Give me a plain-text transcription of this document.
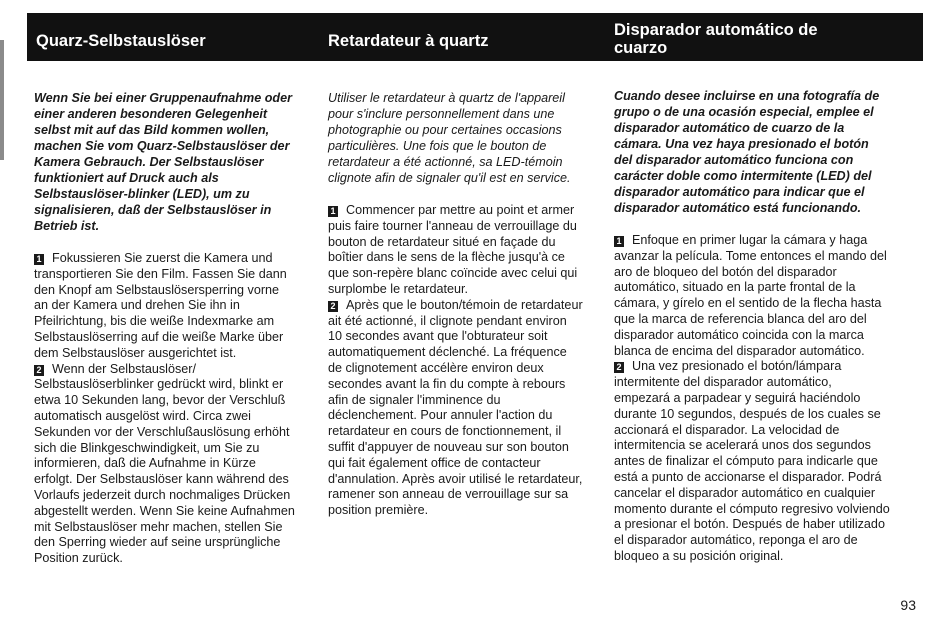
Quarz-Selbstauslöser	Retardateur à quartz
Disparador automático de cuarzo

Wenn Sie bei einer Gruppenaufnahme oder einer anderen besonderen Gelegenheit selbst mit auf das Bild kommen wollen, machen Sie vom Quarz-Selbstauslöser der Kamera Gebrauch. Der Selbstauslöser funktioniert auf Druck auch als Selbstauslöser-blinker (LED), um zu signalisieren, daß der Selbstauslöser in Betrieb ist.

1 Fokussieren Sie zuerst die Kamera und transportieren Sie den Film. Fassen Sie dann den Knopf am Selbstauslösersperring vorne an der Kamera und drehen Sie ihn in Pfeilrichtung, bis die weiße Indexmarke am Selbstauslöserring auf die weiße Marke über dem Selbstauslöser ausgerichtet ist.

2 Wenn der Selbstauslöser/ Selbstauslöserblinker gedrückt wird, blinkt er etwa 10 Sekunden lang, bevor der Verschluß automatisch ausgelöst wird. Circa zwei Sekunden vor der Verschlußauslösung erhöht sich die Blinkgeschwindigkeit, um Sie zu informieren, daß die Aufnahme in Kürze erfolgt. Der Selbstauslöser kann während des Vorlaufs jederzeit durch nochmaliges Drücken abgestellt werden. Wenn Sie keine Aufnahmen mit Selbstauslöser mehr machen, stellen Sie den Sperring wieder auf seine ursprüngliche Position zurück.

Utiliser le retardateur à quartz de l'appareil pour s'inclure personnellement dans une photographie ou pour certaines occasions particulières. Une fois que le bouton de retardateur a été actionné, sa LED-témoin clignote afin de signaler qu'il est en service.

1 Commencer par mettre au point et armer puis faire tourner l'anneau de verrouillage du bouton de retardateur situé en façade du boîtier dans le sens de la flèche jusqu'à ce que son-repère blanc coïncide avec celui qui surplombe le retardateur.

2 Après que le bouton/témoin de retardateur ait été actionné, il clignote pendant environ 10 secondes avant que l'obturateur soit automatiquement déclenché. La fréquence de clignotement accélère environ deux secondes avant la fin du compte à rebours afin de signaler l'imminence du déclenchement. Pour annuler l'action du retardateur en cours de fonctionnement, il suffit d'appuyer de nouveau sur son bouton qui fait également office de contacteur d'annulation. Après avoir utilisé le retardateur, ramener son anneau de verrouillage sur sa position première.

Cuando desee incluirse en una fotografía de grupo o de una ocasión especial, emplee el disparador automático de cuarzo de la cámara. Una vez haya presionado el botón del disparador automático funciona con carácter doble como intermitente (LED) del disparador automático para indicar que el disparador automático está funcionando.

1 Enfoque en primer lugar la cámara y haga avanzar la película. Tome entonces el mando del aro de bloqueo del botón del disparador automático, situado en la parte frontal de la cámara, y gírelo en el sentido de la flecha hasta que la marca de referencia blanca del aro del disparador automático coincida con la marca blanca de encima del disparador automático.

2 Una vez presionado el botón/lámpara intermitente del disparador automático, empezará a parpadear y seguirá haciéndolo durante 10 segundos, después de los cuales se accionará el disparador. La velocidad de intermitencia se acelerará unos dos segundos antes de finalizar el cómputo para indicarle que está a punto de accionarse el disparador. Podrá cancelar el disparador automático en cualquier momento durante el cómputo regresivo volviendo a presionar el botón. Después de haber utilizado el disparador automático, reponga el aro de bloqueo a su posición original.

93
